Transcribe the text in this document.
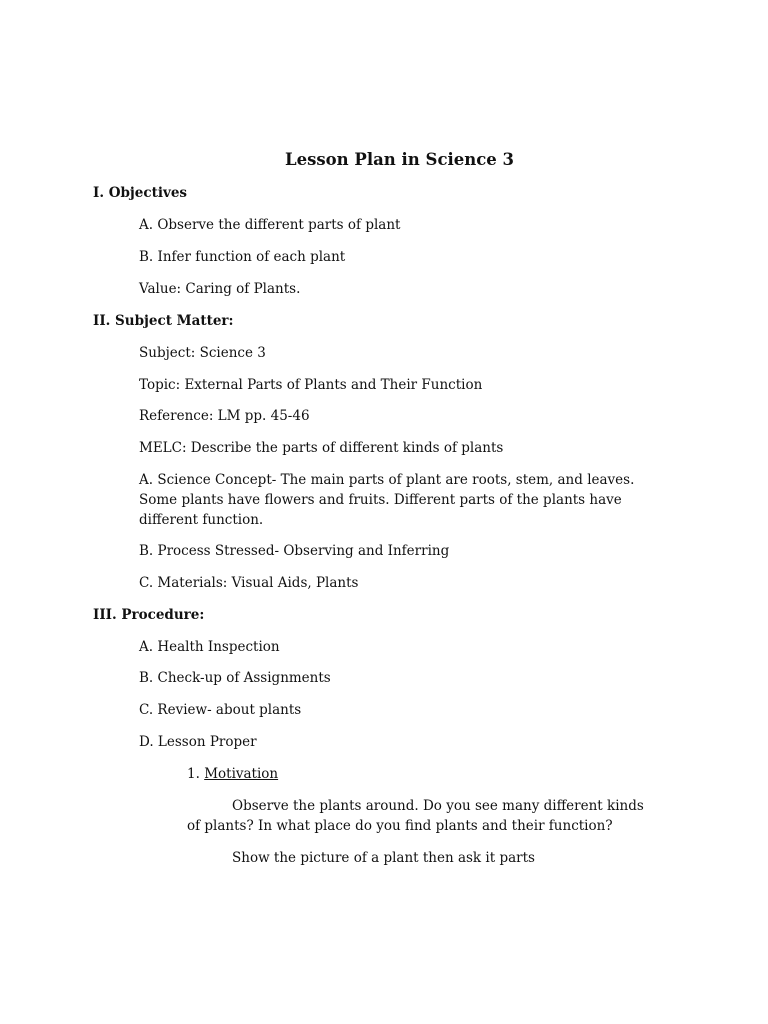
Lesson Plan in Science 3
I. Objectives
A. Observe the different parts of plant
B. Infer function of each plant
Value: Caring of Plants.
II. Subject Matter:
Subject: Science 3
Topic: External Parts of Plants and Their Function
Reference: LM pp. 45-46
MELC: Describe the parts of different kinds of plants
A. Science Concept- The main parts of plant are roots, stem, and leaves. Some plants have flowers and fruits. Different parts of the plants have different function.
B. Process Stressed- Observing and Inferring
C. Materials: Visual Aids, Plants
III. Procedure:
A. Health Inspection
B. Check-up of Assignments
C. Review- about plants
D. Lesson Proper
1. Motivation
Observe the plants around. Do you see many different kinds of plants? In what place do you find plants and their function?
Show the picture of a plant then ask it parts
